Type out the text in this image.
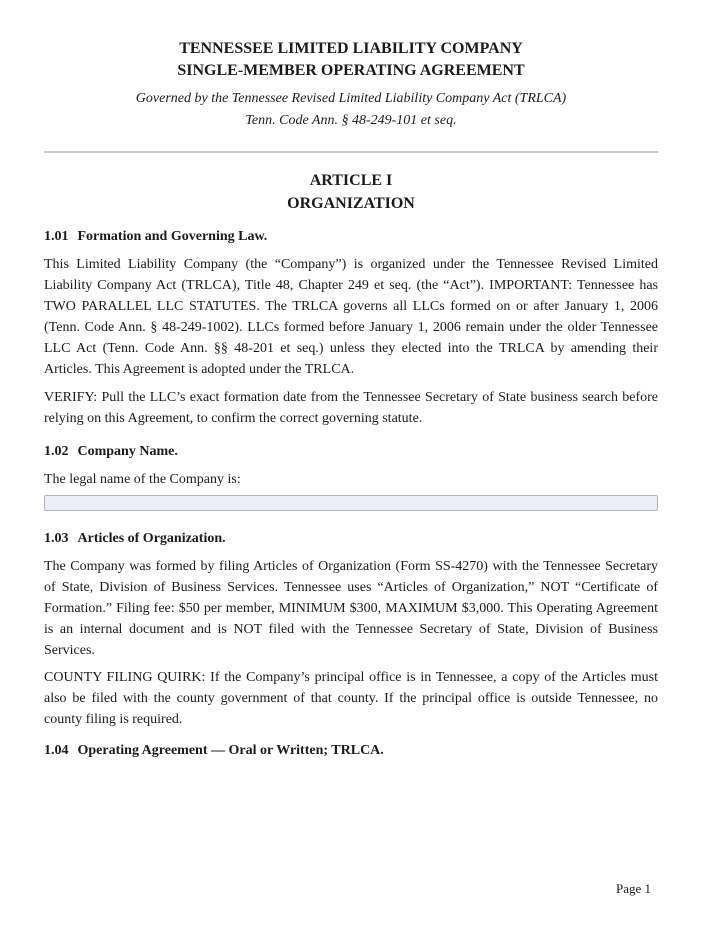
TENNESSEE LIMITED LIABILITY COMPANY
SINGLE-MEMBER OPERATING AGREEMENT
Governed by the Tennessee Revised Limited Liability Company Act (TRLCA)
Tenn. Code Ann. § 48-249-101 et seq.
ARTICLE I
ORGANIZATION
1.01 Formation and Governing Law.

This Limited Liability Company (the “Company”) is organized under the Tennessee Revised Limited Liability Company Act (TRLCA), Title 48, Chapter 249 et seq. (the “Act”). IMPORTANT: Tennessee has TWO PARALLEL LLC STATUTES. The TRLCA governs all LLCs formed on or after January 1, 2006 (Tenn. Code Ann. § 48-249-1002). LLCs formed before January 1, 2006 remain under the older Tennessee LLC Act (Tenn. Code Ann. §§ 48-201 et seq.) unless they elected into the TRLCA by amending their Articles. This Agreement is adopted under the TRLCA.

VERIFY: Pull the LLC’s exact formation date from the Tennessee Secretary of State business search before relying on this Agreement, to confirm the correct governing statute.

1.02 Company Name.

The legal name of the Company is:

1.03 Articles of Organization.

The Company was formed by filing Articles of Organization (Form SS-4270) with the Tennessee Secretary of State, Division of Business Services. Tennessee uses “Articles of Organization,” NOT “Certificate of Formation.” Filing fee: $50 per member, MINIMUM $300, MAXIMUM $3,000. This Operating Agreement is an internal document and is NOT filed with the Tennessee Secretary of State, Division of Business Services.

COUNTY FILING QUIRK: If the Company’s principal office is in Tennessee, a copy of the Articles must also be filed with the county government of that county. If the principal office is outside Tennessee, no county filing is required.

1.04 Operating Agreement — Oral or Written; TRLCA.
Page 1
